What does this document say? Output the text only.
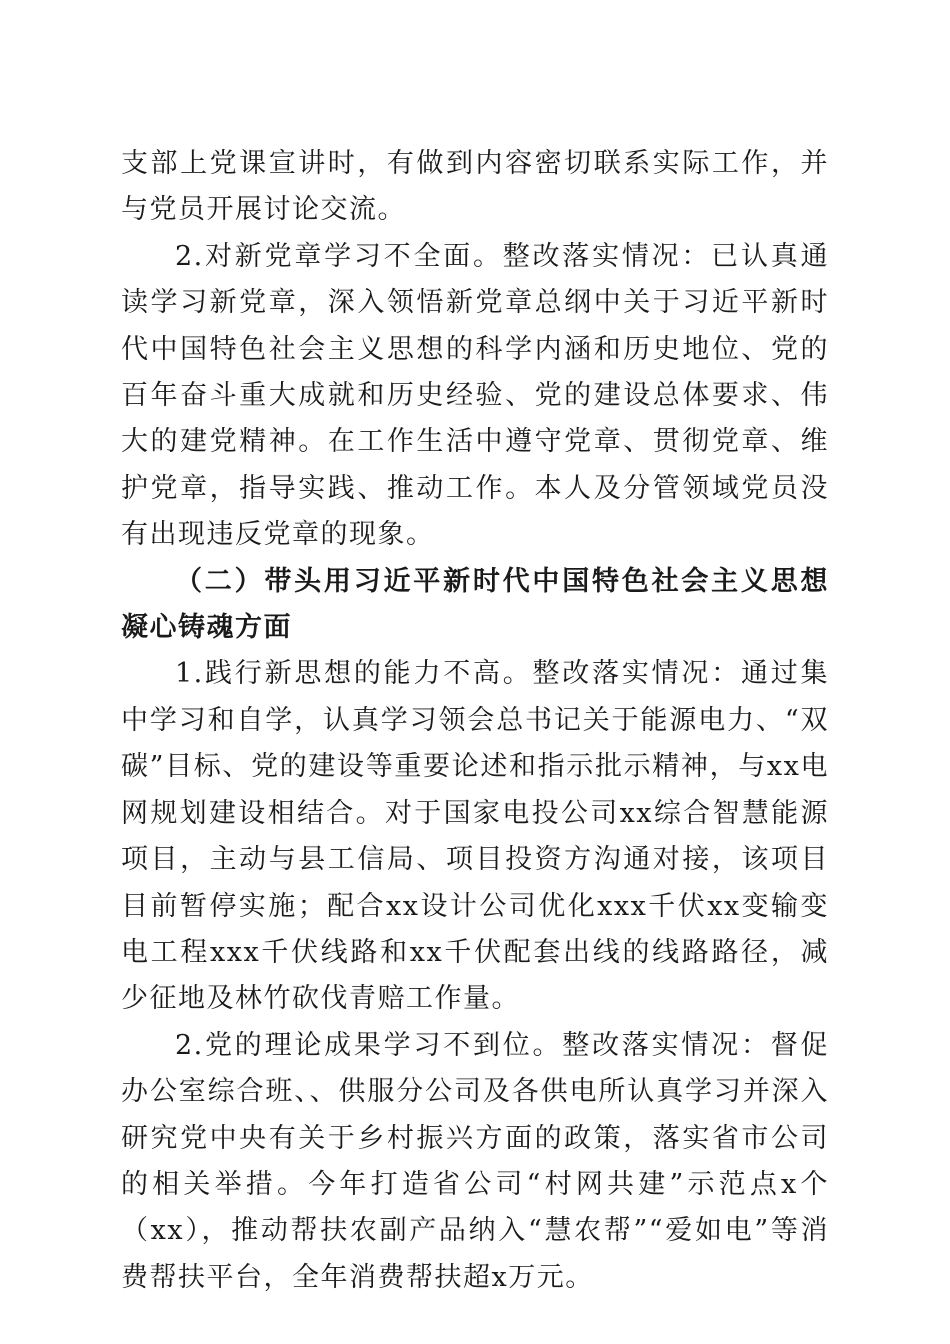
支部上党课宣讲时，有做到内容密切联系实际工作，并与党员开展讨论交流。

2.对新党章学习不全面。整改落实情况：已认真通读学习新党章，深入领悟新党章总纲中关于习近平新时代中国特色社会主义思想的科学内涵和历史地位、党的百年奋斗重大成就和历史经验、党的建设总体要求、伟大的建党精神。在工作生活中遵守党章、贯彻党章、维护党章，指导实践、推动工作。本人及分管领域党员没有出现违反党章的现象。

（二）带头用习近平新时代中国特色社会主义思想凝心铸魂方面

1.践行新思想的能力不高。整改落实情况：通过集中学习和自学，认真学习领会总书记关于能源电力、“双碳”目标、党的建设等重要论述和指示批示精神，与xx电网规划建设相结合。对于国家电投公司xx综合智慧能源项目，主动与县工信局、项目投资方沟通对接，该项目目前暂停实施；配合xx设计公司优化xxx千伏xx变输变电工程xxx千伏线路和xx千伏配套出线的线路路径，减少征地及林竹砍伐青赔工作量。

2.党的理论成果学习不到位。整改落实情况：督促办公室综合班、、供服分公司及各供电所认真学习并深入研究党中央有关于乡村振兴方面的政策，落实省市公司的相关举措。今年打造省公司“村网共建”示范点x个（xx），推动帮扶农副产品纳入“慧农帮”“爱如电”等消费帮扶平台，全年消费帮扶超x万元。
